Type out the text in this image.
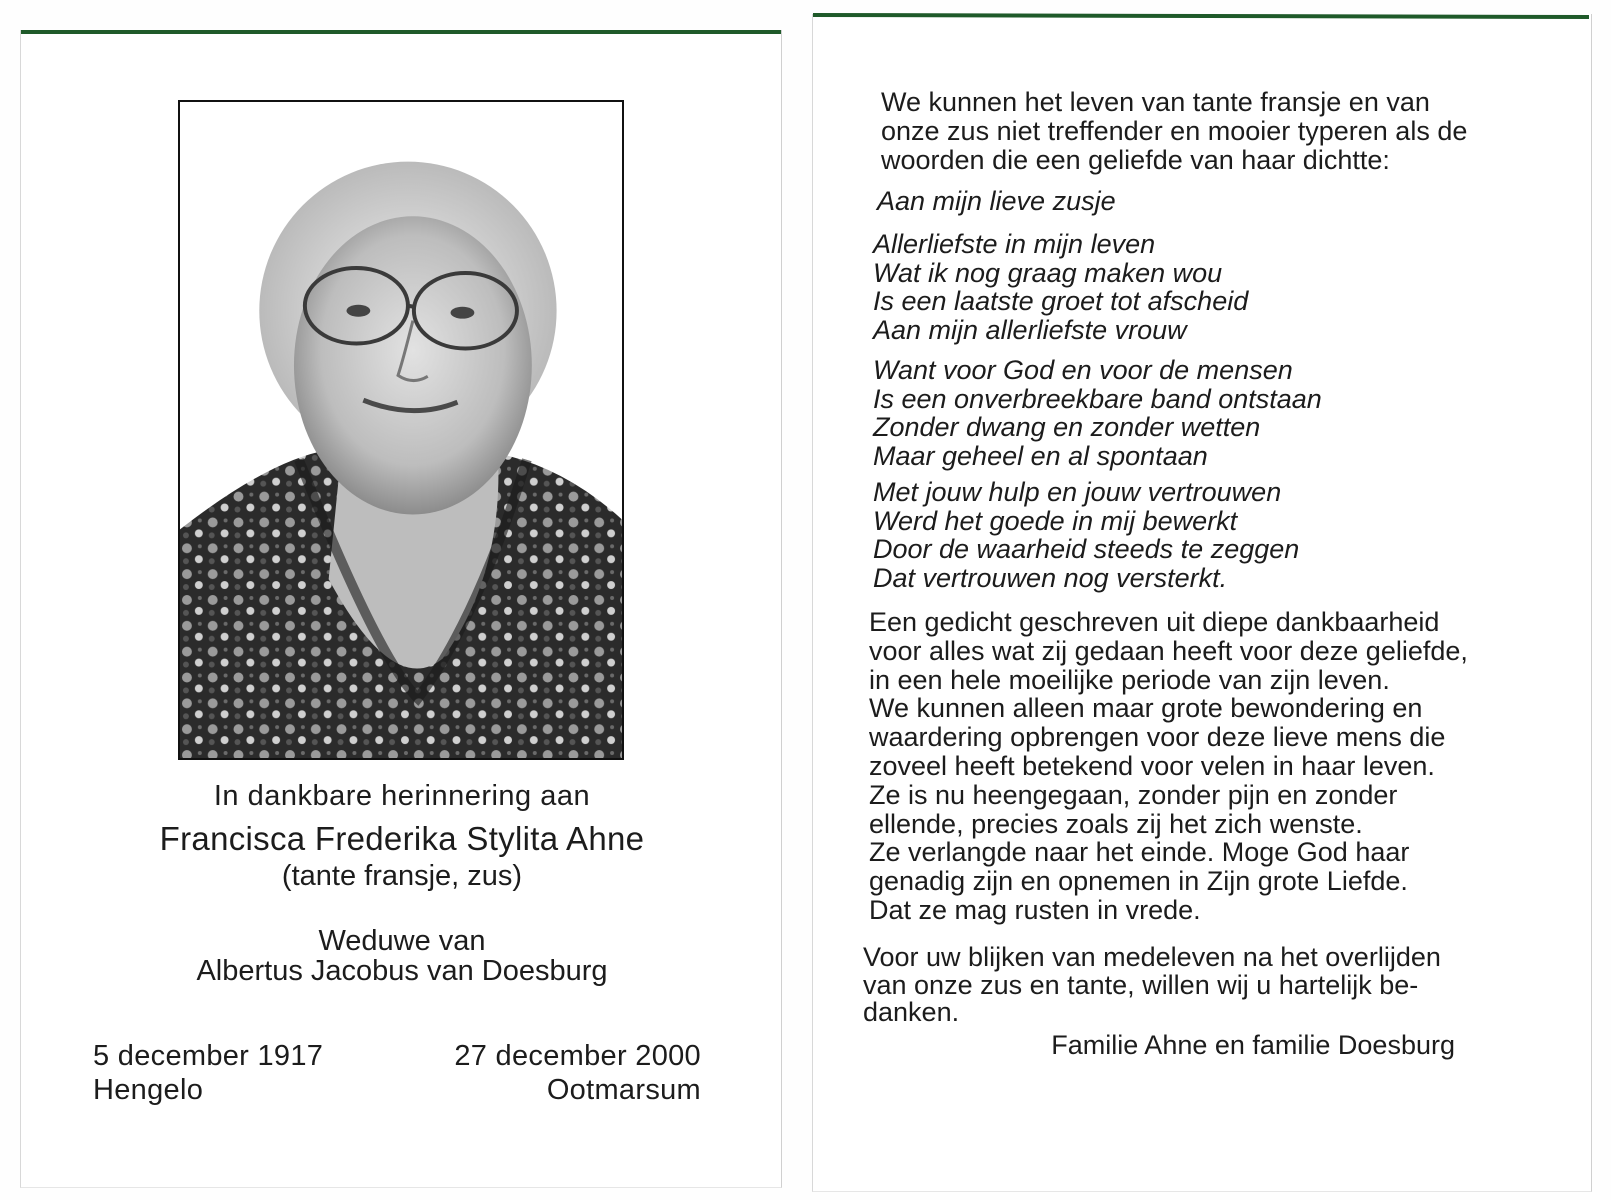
In dankbare herinnering aan
Francisca Frederika Stylita Ahne
(tante fransje, zus)
Weduwe van
Albertus Jacobus van Doesburg
5 december 1917
Hengelo
27 december 2000
Ootmarsum
We kunnen het leven van tante fransje en van
onze zus niet treffender en mooier typeren als de
woorden die een geliefde van haar dichtte:
Aan mijn lieve zusje
Allerliefste in mijn leven
Wat ik nog graag maken wou
Is een laatste groet tot afscheid
Aan mijn allerliefste vrouw
Want voor God en voor de mensen
Is een onverbreekbare band ontstaan
Zonder dwang en zonder wetten
Maar geheel en al spontaan
Met jouw hulp en jouw vertrouwen
Werd het goede in mij bewerkt
Door de waarheid steeds te zeggen
Dat vertrouwen nog versterkt.
Een gedicht geschreven uit diepe dankbaarheid
voor alles wat zij gedaan heeft voor deze geliefde,
in een hele moeilijke periode van zijn leven.
We kunnen alleen maar grote bewondering en
waardering opbrengen voor deze lieve mens die
zoveel heeft betekend voor velen in haar leven.
Ze is nu heengegaan, zonder pijn en zonder
ellende, precies zoals zij het zich wenste.
Ze verlangde naar het einde. Moge God haar
genadig zijn en opnemen in Zijn grote Liefde.
Dat ze mag rusten in vrede.
Voor uw blijken van medeleven na het overlijden
van onze zus en tante, willen wij u hartelijk be-
danken.
Familie Ahne en familie Doesburg
